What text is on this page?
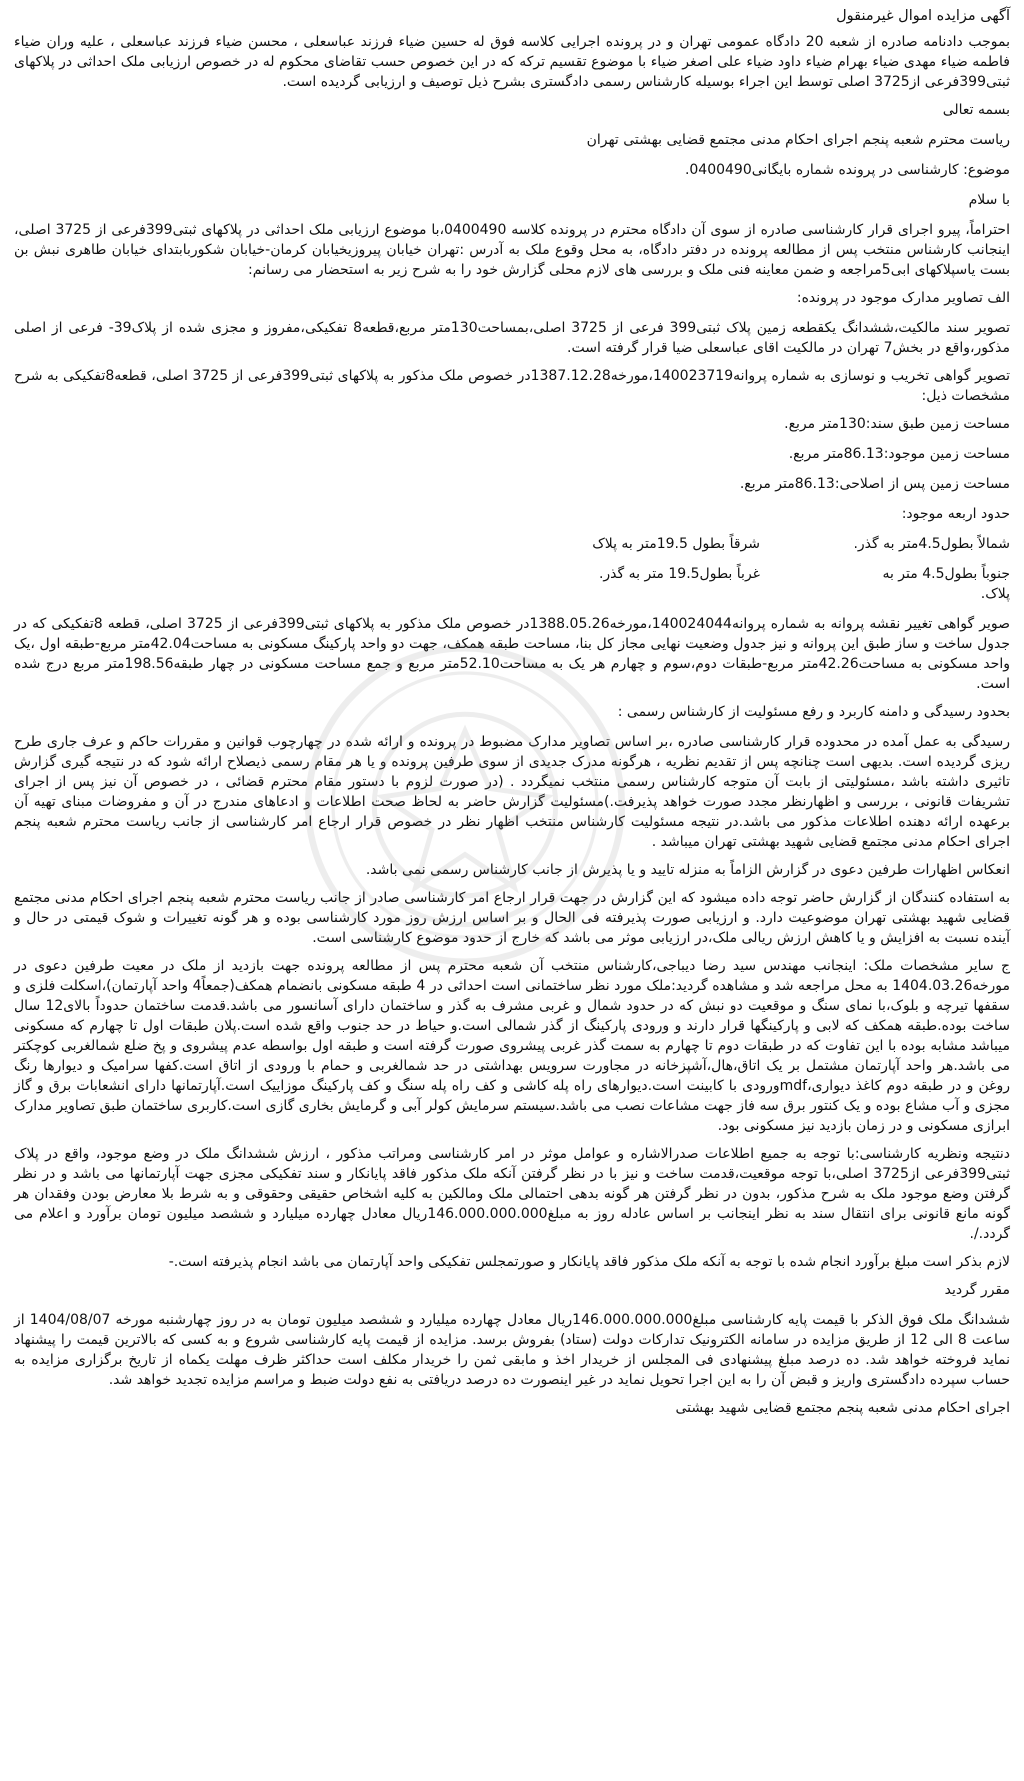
آگهی مزایده اموال غیرمنقول

بموجب دادنامه صادره از شعبه 20 دادگاه عمومی تهران و در پرونده اجرایی کلاسه فوق له حسین ضیاء فرزند عباسعلی ، محسن ضیاء فرزند عباسعلی ، علیه وران ضیاء فاطمه ضیاء مهدی ضیاء بهرام ضیاء داود ضیاء علی اصغر ضیاء با موضوع تقسیم ترکه که در این خصوص حسب تقاضای محکوم له در خصوص ارزیابی ملک احداثی در پلاکهای ثبتی399فرعی از3725 اصلی توسط این اجراء بوسیله کارشناس رسمی دادگستری بشرح ذیل توصیف و ارزیابی گردیده است.

بسمه تعالی

ریاست محترم شعبه پنجم اجرای احکام مدنی مجتمع قضایی بهشتی تهران

موضوع: کارشناسی در پرونده شماره بایگانی0400490.

با سلام

احتراماً، پیرو اجرای قرار کارشناسی صادره از سوی آن دادگاه محترم در پرونده کلاسه 0400490،با موضوع ارزیابی ملک احداثی در پلاکهای ثبتی399فرعی از 3725 اصلی، اینجانب کارشناس منتخب پس از مطالعه پرونده در دفتر دادگاه، به محل وقوع ملک به آدرس :تهران خیابان پیروزیخیابان کرمان-خیابان شکوربابتدای خیابان طاهری نبش بن بست یاسپلاکهای ابی5مراجعه و ضمن معاینه فنی ملک و بررسی های لازم محلی گزارش خود را به شرح زیر به استحضار می رسانم:

الف تصاویر مدارک موجود در پرونده:

تصویر سند مالکیت،ششدانگ یکقطعه زمین پلاک ثبتی399 فرعی از 3725 اصلی،بمساحت130متر مربع،قطعه8 تفکیکی،مفروز و مجزی شده از پلاک39- فرعی از اصلی مذکور،واقع در بخش7 تهران در مالکیت اقای عباسعلی ضیا قرار گرفته است.

تصویر گواهی تخریب و نوسازی به شماره پروانه140023719،مورخه1387.12.28در خصوص ملک مذکور به پلاکهای ثبتی399فرعی از 3725 اصلی، قطعه8تفکیکی به شرح مشخصات ذیل:

مساحت زمین طبق سند:130متر مربع.

مساحت زمین موجود:86.13متر مربع.

مساحت زمین پس از اصلاحی:86.13متر مربع.

حدود اربعه موجود:

شمالاً بطول4.5متر به گذر.
شرقاً بطول 19.5متر به پلاک
جنوباً بطول4.5 متر به پلاک.
غرباً بطول19.5 متر به گذر.

صویر گواهی تغییر نقشه پروانه به شماره پروانه140024044،مورخه1388.05.26در خصوص ملک مذکور به پلاکهای ثبتی399فرعی از 3725 اصلی، قطعه 8تفکیکی که در جدول ساخت و ساز طبق این پروانه و نیز جدول وضعیت نهایی مجاز کل بنا، مساحت طبقه همکف، جهت دو واحد پارکینگ مسکونی به مساحت42.04متر مربع-طبقه اول ،یک واحد مسکونی به مساحت42.26متر مربع-طبقات دوم،سوم و چهارم هر یک به مساحت52.10متر مربع و جمع مساحت مسکونی در چهار طبقه198.56متر مربع درج شده است.

بحدود رسیدگی و دامنه کاربرد و رفع مسئولیت از کارشناس رسمی :

رسیدگی به عمل آمده در محدوده قرار کارشناسی صادره ،بر اساس تصاویر مدارک مضبوط در پرونده و ارائه شده در چهارچوب قوانین و مقررات حاکم و عرف جاری طرح ریزی گردیده است. بدیهی است چنانچه پس از تقدیم نظریه ، هرگونه مدرک جدیدی از سوی طرفین پرونده و یا هر مقام رسمی ذیصلاح ارائه شود که در نتیجه گیری گزارش تاثیری داشته باشد ،مسئولیتی از بابت آن متوجه کارشناس رسمی منتخب نمیگردد . (در صورت لزوم با دستور مقام محترم قضائی ، در خصوص آن نیز پس از اجرای تشریفات قانونی ، بررسی و اظهارنظر مجدد صورت خواهد پذیرفت.)مسئولیت گزارش حاضر به لحاظ صحت اطلاعات و ادعاهای مندرج در آن و مفروضات مبنای تهیه آن برعهده ارائه دهنده اطلاعات مذکور می باشد.در نتیجه مسئولیت کارشناس منتخب اظهار نظر در خصوص قرار ارجاع امر کارشناسی از جانب ریاست محترم شعبه پنجم اجرای احکام مدنی مجتمع قضایی شهید بهشتی تهران میباشد .

انعکاس اظهارات طرفین دعوی در گزارش الزاماً به منزله تایید و یا پذیرش از جانب کارشناس رسمی نمی باشد.

به استفاده کنندگان از گزارش حاضر توجه داده میشود که این گزارش در جهت قرار ارجاع امر کارشناسی صادر از جانب ریاست محترم شعبه پنجم اجرای احکام مدنی مجتمع قضایی شهید بهشتی تهران موضوعیت دارد. و ارزیابی صورت پذیرفته فی الحال و بر اساس ارزش روز مورد کارشناسی بوده و هر گونه تغییرات و شوک قیمتی در حال و آینده نسبت به افزایش و یا کاهش ارزش ریالی ملک،در ارزیابی موثر می باشد که خارج از حدود موضوع کارشناسی است.

ج سایر مشخصات ملک: اینجانب مهندس سید رضا دیباجی،کارشناس منتخب آن شعبه محترم پس از مطالعه پرونده جهت بازدید از ملک در معیت طرفین دعوی در مورخه1404.03.26 به محل مراجعه شد و مشاهده گردید:ملک مورد نظر ساختمانی است احداثی در 4 طبقه مسکونی بانضمام همکف(جمعاً4 واحد آپارتمان)،اسکلت فلزی و سقفها تیرچه و بلوک،با نمای سنگ و موقعیت دو نبش که در حدود شمال و غربی مشرف به گذر و ساختمان دارای آسانسور می باشد.قدمت ساختمان حدوداً بالای12 سال ساخت بوده.طبقه همکف که لابی و پارکینگها قرار دارند و ورودی پارکینگ از گذر شمالی است.و حیاط در حد جنوب واقع شده است.پلان طبقات اول تا چهارم که مسکونی میباشد مشابه بوده با این تفاوت که در طبقات دوم تا چهارم به سمت گذر غربی پیشروی صورت گرفته است و طبقه اول بواسطه عدم پیشروی و پخ ضلع شمالغربی کوچکتر می باشد.هر واحد آپارتمان مشتمل بر یک اتاق،هال،آشپزخانه در مجاورت سرویس بهداشتی در حد شمالغربی و حمام با ورودی از اتاق است.کفها سرامیک و دیوارها رنگ روغن و در طبقه دوم کاغذ دیواری،mdfورودی با کابینت است.دیوارهای راه پله کاشی و کف راه پله سنگ و کف پارکینگ موزاییک است.آپارتمانها دارای انشعابات برق و گاز مجزی و آب مشاع بوده و یک کنتور برق سه فاز جهت مشاعات نصب می باشد.سیستم سرمایش کولر آبی و گرمایش بخاری گازی است.کاربری ساختمان طبق تصاویر مدارک ابرازی مسکونی و در زمان بازدید نیز مسکونی بود.

دنتیجه ونظریه کارشناسی:با توجه به جمیع اطلاعات صدرالاشاره و عوامل موثر در امر کارشناسی ومراتب مذکور ، ارزش ششدانگ ملک در وضع موجود، واقع در پلاک ثبتی399فرعی از3725 اصلی،با توجه موقعیت،قدمت ساخت و نیز با در نظر گرفتن آنکه ملک مذکور فاقد پایانکار و سند تفکیکی مجزی جهت آپارتمانها می باشد و در نظر گرفتن وضع موجود ملک به شرح مذکور، بدون در نظر گرفتن هر گونه بدهی احتمالی ملک ومالکین به کلیه اشخاص حقیقی وحقوقی و به شرط بلا معارض بودن وفقدان هر گونه مانع قانونی برای انتقال سند به نظر اینجانب بر اساس عادله روز به مبلغ146.000.000.000ریال معادل چهارده میلیارد و ششصد میلیون تومان برآورد و اعلام می گردد./.

لازم بذکر است مبلغ برآورد انجام شده با توجه به آنکه ملک مذکور فاقد پایانکار و صورتمجلس تفکیکی واحد آپارتمان می باشد انجام پذیرفته است.-

مقرر گردید

ششدانگ ملک فوق الذکر با قیمت پایه کارشناسی مبلغ146.000.000.000ریال معادل چهارده میلیارد و ششصد میلیون تومان به در روز چهارشنبه مورخه 1404/08/07 از ساعت 8 الی 12 از طریق مزایده در سامانه الکترونیک تدارکات دولت (ستاد) بفروش برسد. مزایده از قیمت پایه کارشناسی شروع و به کسی که بالاترین قیمت را پیشنهاد نماید فروخته خواهد شد. ده درصد مبلغ پیشنهادی فی المجلس از خریدار اخذ و مابقی ثمن را خریدار مکلف است حداکثر ظرف مهلت یکماه از تاریخ برگزاری مزایده به حساب سپرده دادگستری واریز و قبض آن را به این اجرا تحویل نماید در غیر اینصورت ده درصد دریافتی به نفع دولت ضبط و مراسم مزایده تجدید خواهد شد.

اجرای احکام مدنی شعبه پنجم مجتمع قضایی شهید بهشتی
